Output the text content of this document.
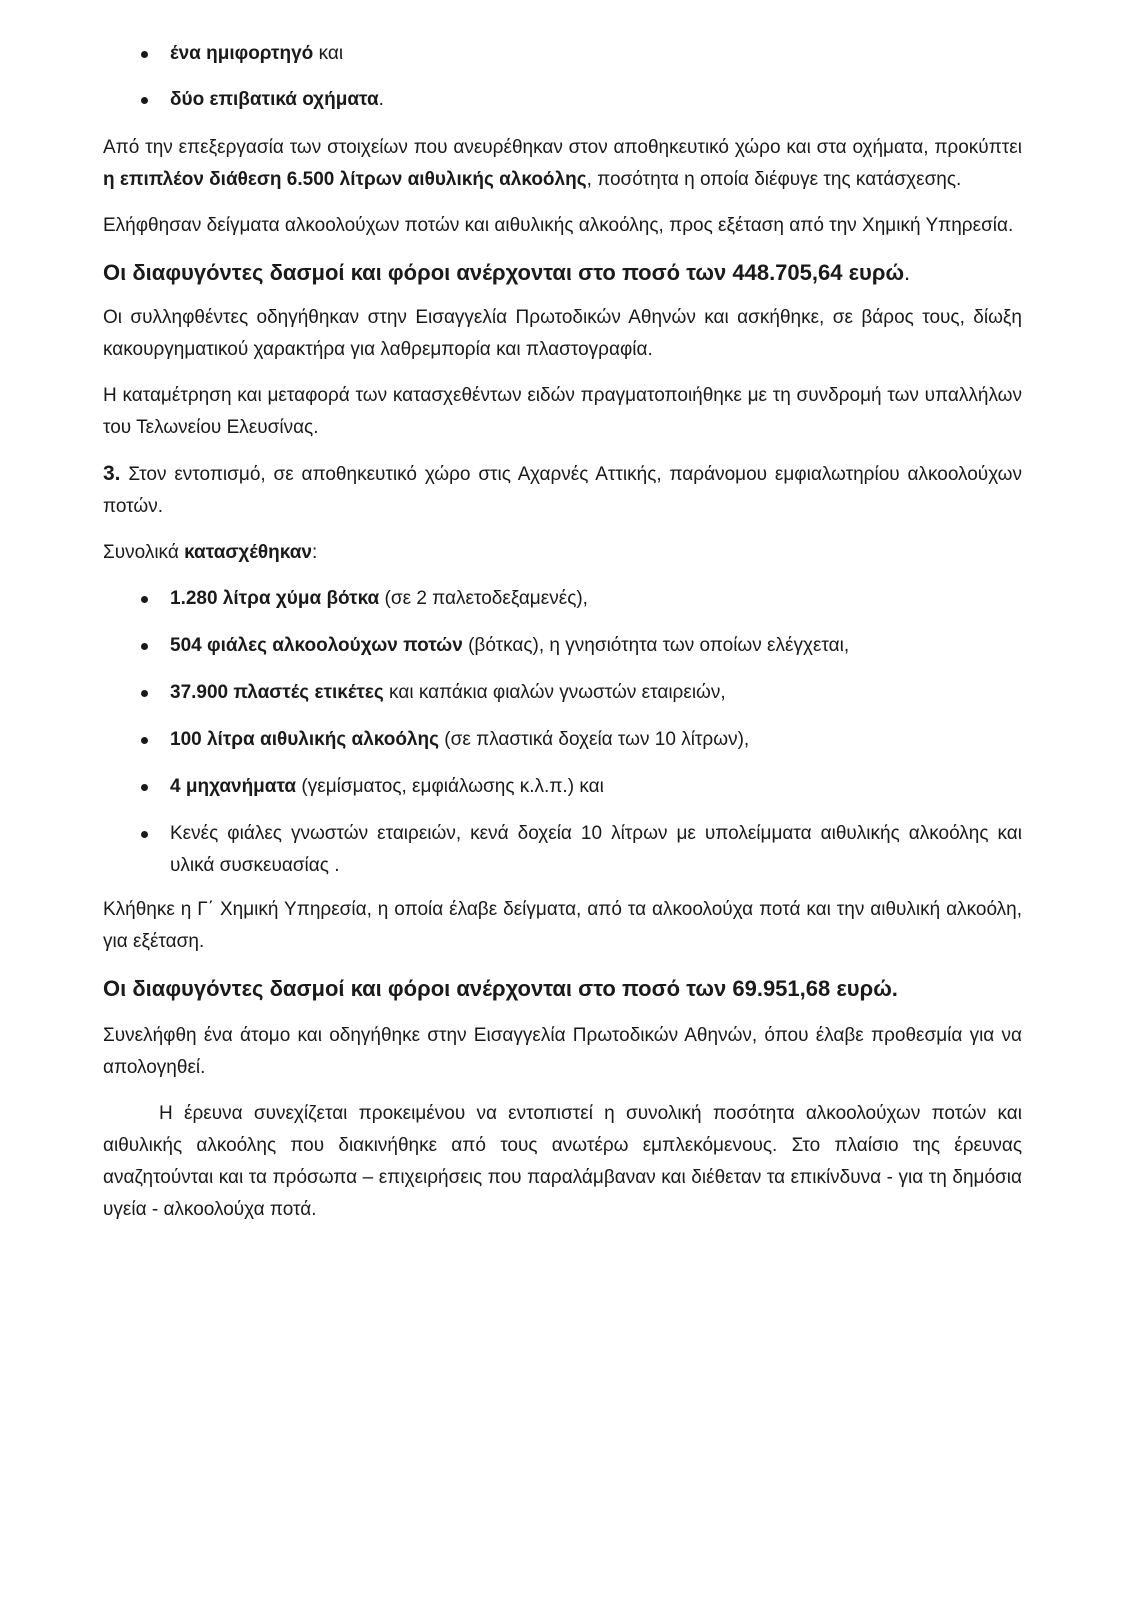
ένα ημιφορτηγό και
δύο επιβατικά οχήματα.

Από την επεξεργασία των στοιχείων που ανευρέθηκαν στον αποθηκευτικό χώρο και στα οχήματα, προκύπτει η επιπλέον διάθεση 6.500 λίτρων αιθυλικής αλκοόλης, ποσότητα η οποία διέφυγε της κατάσχεσης.

Ελήφθησαν δείγματα αλκοολούχων ποτών και αιθυλικής αλκοόλης, προς εξέταση από την Χημική Υπηρεσία.

Οι διαφυγόντες δασμοί και φόροι ανέρχονται στο ποσό των 448.705,64 ευρώ.

Οι συλληφθέντες οδηγήθηκαν στην Εισαγγελία Πρωτοδικών Αθηνών και ασκήθηκε, σε βάρος τους, δίωξη κακουργηματικού χαρακτήρα για λαθρεμπορία και πλαστογραφία.

Η καταμέτρηση και μεταφορά των κατασχεθέντων ειδών πραγματοποιήθηκε με τη συνδρομή των υπαλλήλων του Τελωνείου Ελευσίνας.

3. Στον εντοπισμό, σε αποθηκευτικό χώρο στις Αχαρνές Αττικής, παράνομου εμφιαλωτηρίου αλκοολούχων ποτών.

Συνολικά κατασχέθηκαν:

1.280 λίτρα χύμα βότκα (σε 2 παλετοδεξαμενές),
504 φιάλες αλκοολούχων ποτών (βότκας), η γνησιότητα των οποίων ελέγχεται,
37.900 πλαστές ετικέτες και καπάκια φιαλών γνωστών εταιρειών,
100 λίτρα αιθυλικής αλκοόλης (σε πλαστικά δοχεία των 10 λίτρων),
4 μηχανήματα (γεμίσματος, εμφιάλωσης κ.λ.π.) και
Κενές φιάλες γνωστών εταιρειών, κενά δοχεία 10 λίτρων με υπολείμματα αιθυλικής αλκοόλης και υλικά συσκευασίας .

Κλήθηκε η Γ΄ Χημική Υπηρεσία, η οποία έλαβε δείγματα, από τα αλκοολούχα ποτά και την αιθυλική αλκοόλη, για εξέταση.

Οι διαφυγόντες δασμοί και φόροι ανέρχονται στο ποσό των 69.951,68 ευρώ.

Συνελήφθη ένα άτομο και οδηγήθηκε στην Εισαγγελία Πρωτοδικών Αθηνών, όπου έλαβε προθεσμία για να απολογηθεί.

Η έρευνα συνεχίζεται προκειμένου να εντοπιστεί η συνολική ποσότητα αλκοολούχων ποτών και αιθυλικής αλκοόλης που διακινήθηκε από τους ανωτέρω εμπλεκόμενους. Στο πλαίσιο της έρευνας αναζητούνται και τα πρόσωπα – επιχειρήσεις που παραλάμβαναν και διέθεταν τα επικίνδυνα - για τη δημόσια υγεία - αλκοολούχα ποτά.
